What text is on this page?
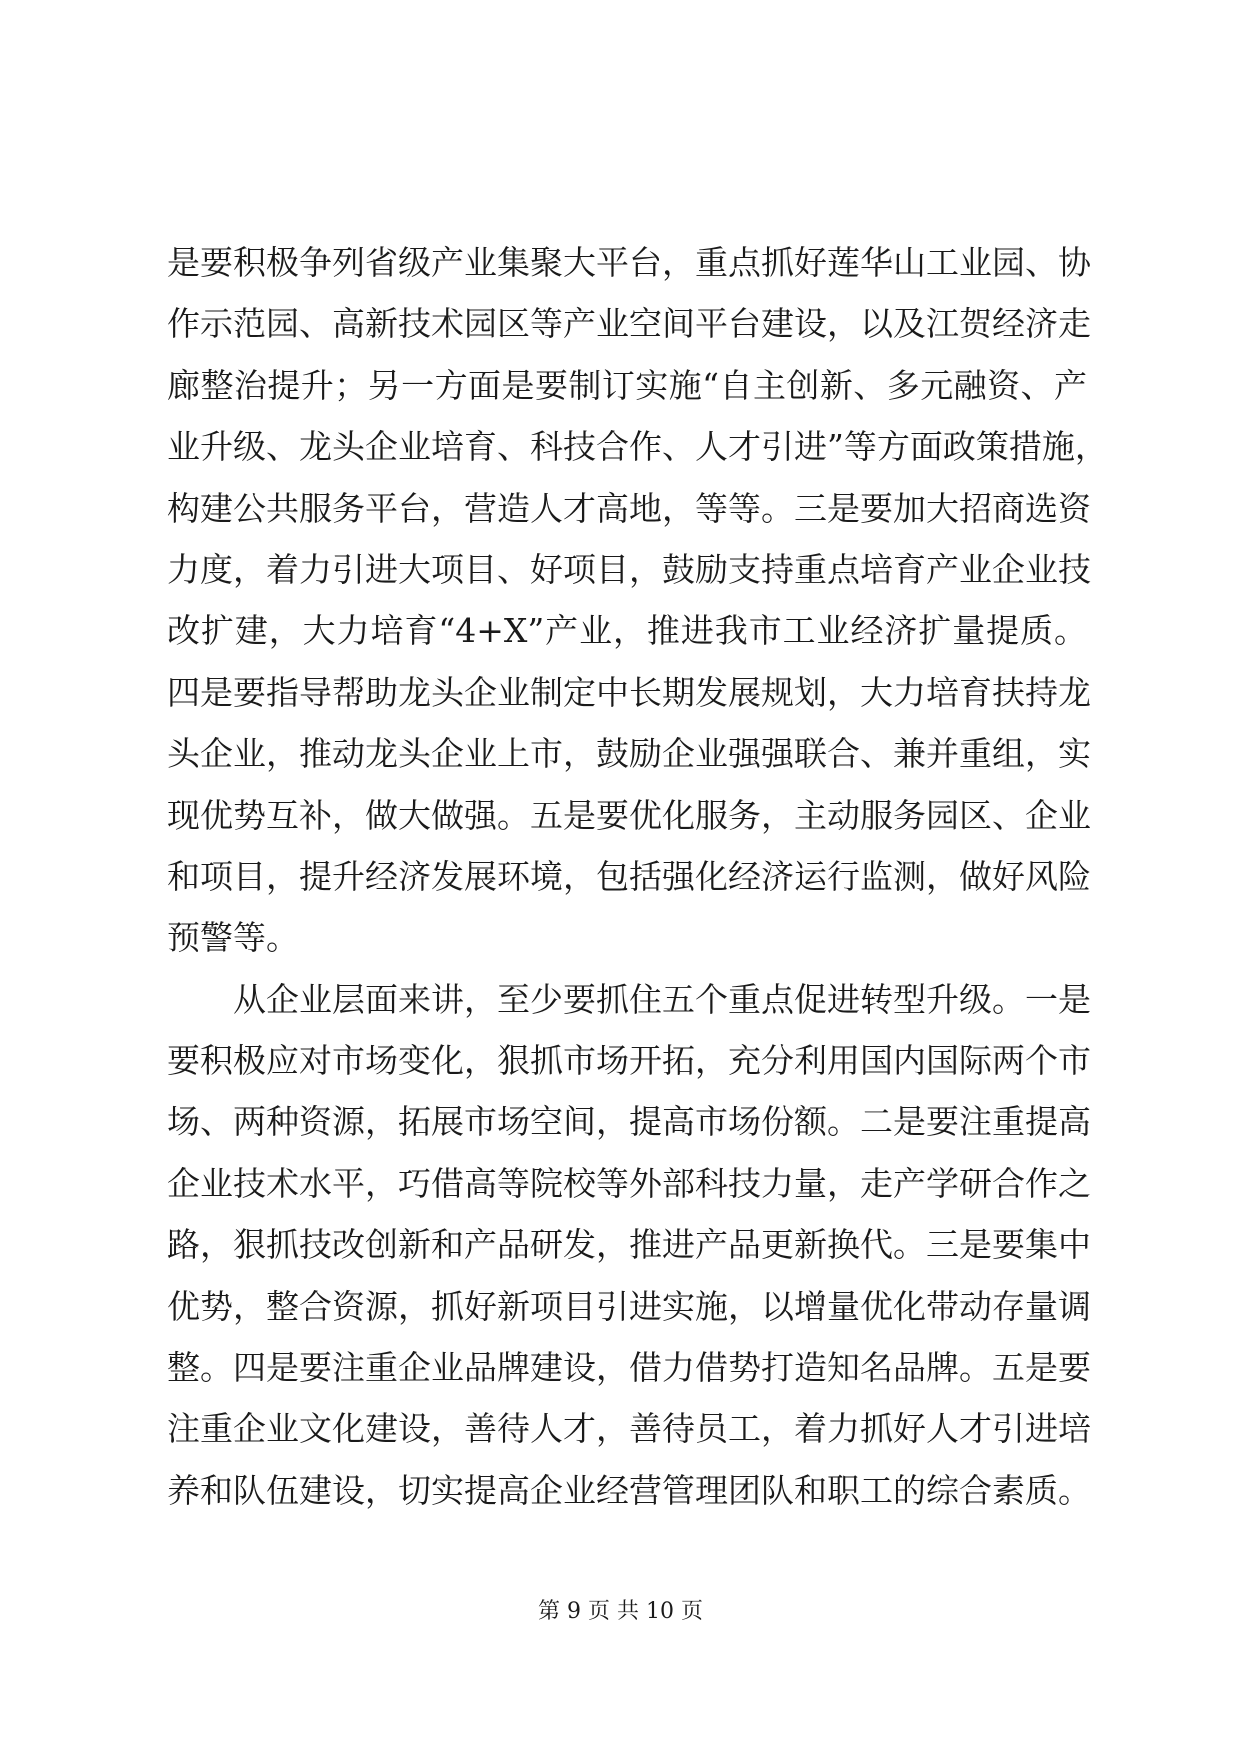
是要积极争列省级产业集聚大平台，重点抓好莲华山工业园、协
作示范园、高新技术园区等产业空间平台建设，以及江贺经济走
廊整治提升；另一方面是要制订实施“自主创新、多元融资、产
业升级、龙头企业培育、科技合作、人才引进”等方面政策措施，
构建公共服务平台，营造人才高地，等等。三是要加大招商选资
力度，着力引进大项目、好项目，鼓励支持重点培育产业企业技
改扩建，大力培育“4+X”产业，推进我市工业经济扩量提质。
四是要指导帮助龙头企业制定中长期发展规划，大力培育扶持龙
头企业，推动龙头企业上市，鼓励企业强强联合、兼并重组，实
现优势互补，做大做强。五是要优化服务，主动服务园区、企业
和项目，提升经济发展环境，包括强化经济运行监测，做好风险
预警等。
从企业层面来讲，至少要抓住五个重点促进转型升级。一是
要积极应对市场变化，狠抓市场开拓，充分利用国内国际两个市
场、两种资源，拓展市场空间，提高市场份额。二是要注重提高
企业技术水平，巧借高等院校等外部科技力量，走产学研合作之
路，狠抓技改创新和产品研发，推进产品更新换代。三是要集中
优势，整合资源，抓好新项目引进实施，以增量优化带动存量调
整。四是要注重企业品牌建设，借力借势打造知名品牌。五是要
注重企业文化建设，善待人才，善待员工，着力抓好人才引进培
养和队伍建设，切实提高企业经营管理团队和职工的综合素质。
第 9 页 共 10 页
